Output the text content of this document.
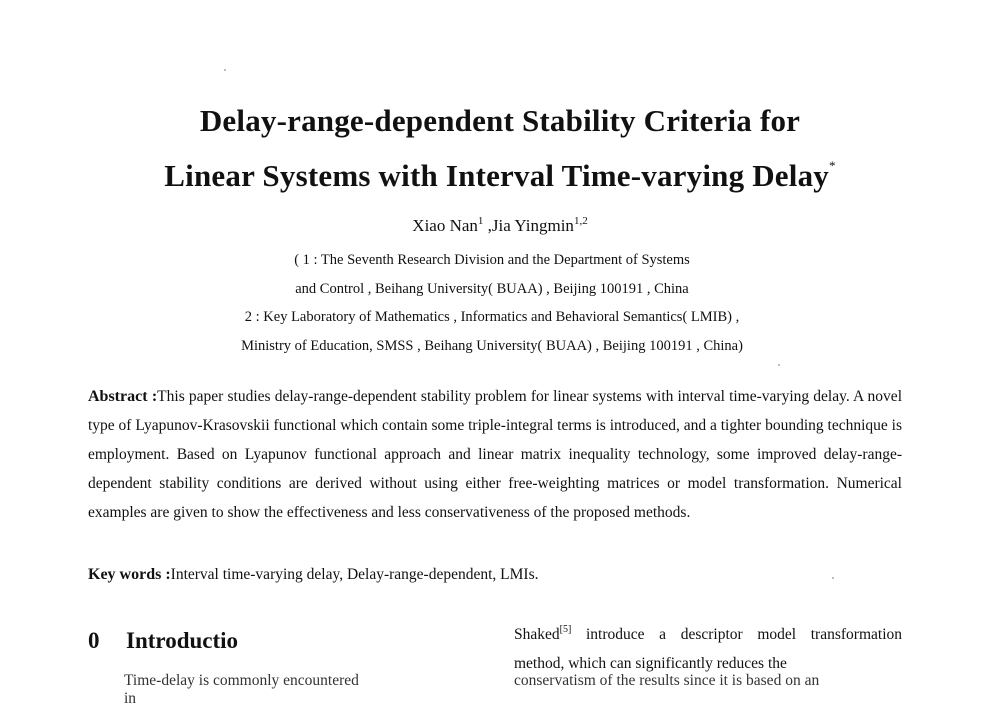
Delay-range-dependent Stability Criteria for
Linear Systems with Interval Time-varying Delay*
Xiao Nan$^1$ ,Jia Yingmin$^{1,2}$
( 1 : The Seventh Research Division and the Department of Systems
and Control , Beihang University( BUAA) , Beijing 100191 , China
2 : Key Laboratory of Mathematics , Informatics and Behavioral Semantics( LMIB) ,
Ministry of Education, SMSS , Beihang University( BUAA) , Beijing 100191 , China)
Abstract :This paper studies delay-range-dependent stability problem for linear systems with interval time-varying delay. A novel type of Lyapunov-Krasovskii functional which contain some triple-integral terms is introduced, and a tighter bounding technique is employment. Based on Lyapunov functional approach and linear matrix inequality technology, some improved delay-range- dependent stability conditions are derived without using either free-weighting matrices or model transformation. Numerical examples are given to show the effectiveness and less conservativeness of the proposed methods.
Key words :Interval time-varying delay, Delay-range-dependent, LMIs.
0 Introductio	Shaked[5] introduce a descriptor model transformation method, which can significantly reduces the
Time-delay is commonly encountered in
conservatism of the results since it is based on an
